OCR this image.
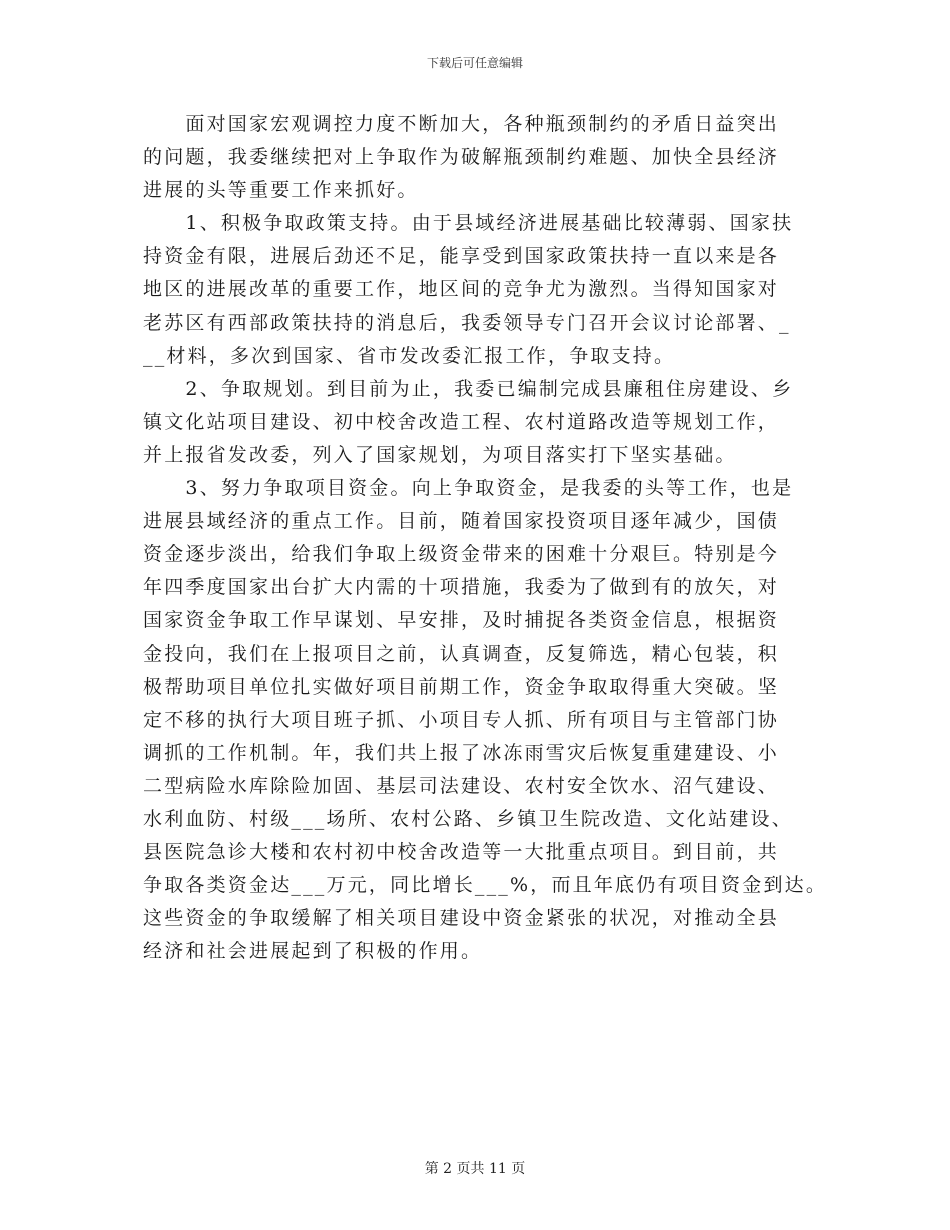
下载后可任意编辑

　　面对国家宏观调控力度不断加大，各种瓶颈制约的矛盾日益突出
的问题，我委继续把对上争取作为破解瓶颈制约难题、加快全县经济
进展的头等重要工作来抓好。

　　1、积极争取政策支持。由于县域经济进展基础比较薄弱、国家扶
持资金有限，进展后劲还不足，能享受到国家政策扶持一直以来是各
地区的进展改革的重要工作，地区间的竞争尤为激烈。当得知国家对
老苏区有西部政策扶持的消息后，我委领导专门召开会议讨论部署、_
__材料，多次到国家、省市发改委汇报工作，争取支持。

　　2、争取规划。到目前为止，我委已编制完成县廉租住房建设、乡
镇文化站项目建设、初中校舍改造工程、农村道路改造等规划工作，
并上报省发改委，列入了国家规划，为项目落实打下坚实基础。

　　3、努力争取项目资金。向上争取资金，是我委的头等工作，也是
进展县域经济的重点工作。目前，随着国家投资项目逐年减少，国债
资金逐步淡出，给我们争取上级资金带来的困难十分艰巨。特别是今
年四季度国家出台扩大内需的十项措施，我委为了做到有的放矢，对
国家资金争取工作早谋划、早安排，及时捕捉各类资金信息，根据资
金投向，我们在上报项目之前，认真调查，反复筛选，精心包装，积
极帮助项目单位扎实做好项目前期工作，资金争取取得重大突破。坚
定不移的执行大项目班子抓、小项目专人抓、所有项目与主管部门协
调抓的工作机制。年，我们共上报了冰冻雨雪灾后恢复重建建设、小
二型病险水库除险加固、基层司法建设、农村安全饮水、沼气建设、
水利血防、村级___场所、农村公路、乡镇卫生院改造、文化站建设、
县医院急诊大楼和农村初中校舍改造等一大批重点项目。到目前，共
争取各类资金达___万元，同比增长___%，而且年底仍有项目资金到达。
这些资金的争取缓解了相关项目建设中资金紧张的状况，对推动全县
经济和社会进展起到了积极的作用。

第 2 页共 11 页
